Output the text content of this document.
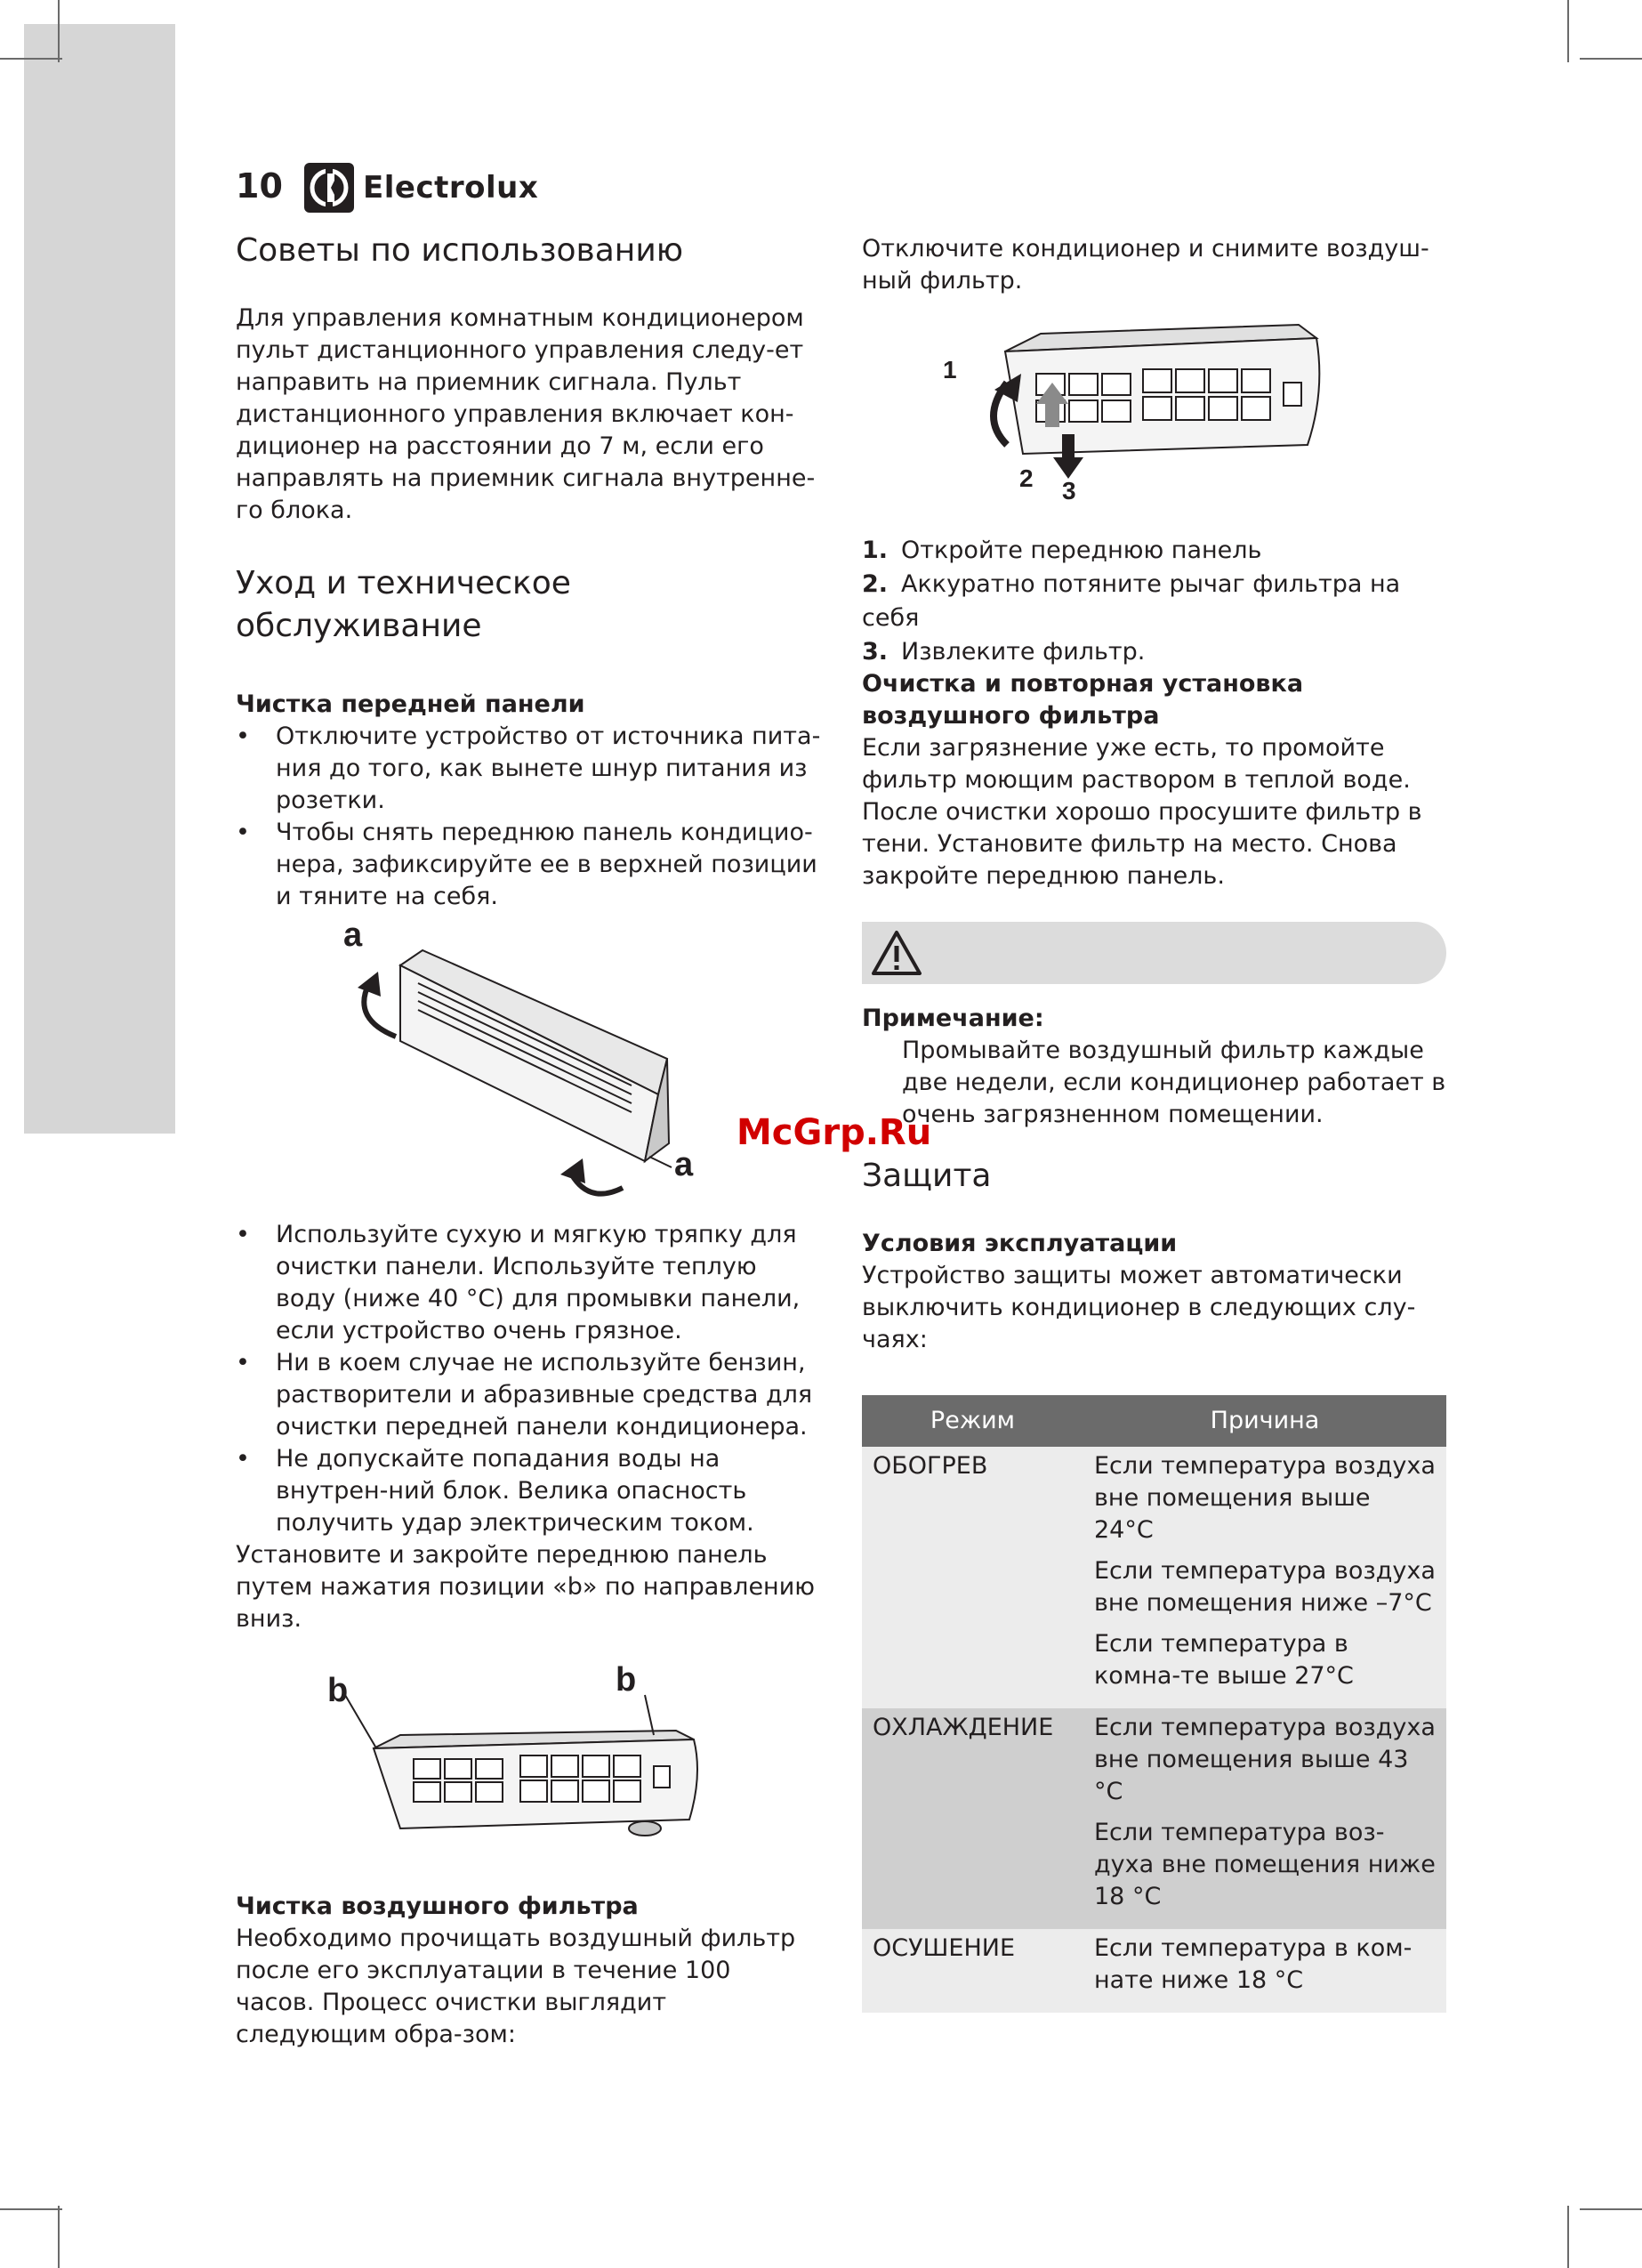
10	Electrolux
Советы по использованию
Для управления комнатным кондиционером пульт дистанционного управления следу-ет направить на приемник сигнала. Пульт дистанционного управления включает кон-диционер на расстоянии до 7 м, если его направлять на приемник сигнала внутренне-го блока.
Уход и техническое
обслуживание
Чистка передней панели
• Отключите устройство от источника пита-ния до того, как вынете шнур питания из розетки.
• Чтобы снять переднюю панель кондицио-нера, зафиксируйте ее в верхней позиции и тяните на себя.
a
a
• Используйте сухую и мягкую тряпку для очистки панели. Используйте теплую воду (ниже 40 °C) для промывки панели, если устройство очень грязное.
• Ни в коем случае не используйте бензин, растворители и абразивные средства для очистки передней панели кондиционера.
• Не допускайте попадания воды на внутрен-ний блок. Велика опасность получить удар электрическим током.
Установите и закройте переднюю панель путем нажатия позиции «b» по направлению вниз.
b	b
Чистка воздушного фильтра
Необходимо прочищать воздушный фильтр после его эксплуатации в течение 100 часов. Процесс очистки выглядит следующим обра-зом:
Отключите кондиционер и снимите воздуш-ный фильтр.
1
2 3
1. Откройте переднюю панель
2. Аккуратно потяните рычаг фильтра на себя
3. Извлеките фильтр.
Очистка и повторная установка
воздушного фильтра
Если загрязнение уже есть, то промойте фильтр моющим раствором в теплой воде. После очистки хорошо просушите фильтр в тени. Установите фильтр на место. Снова закройте переднюю панель.
Примечание:
Промывайте воздушный фильтр каждые две недели, если кондиционер работает в очень загрязненном помещении.
Защита
Условия эксплуатации
Устройство защиты может автоматически выключить кондиционер в следующих слу-чаях:
Режим	Причина
ОБОГРЕВ	Если температура воздуха вне помещения выше 24°C

Если температура воздуха вне помещения ниже –7°C

Если температура в комна-те выше 27°C

ОХЛАЖДЕНИЕ	Если температура воздуха вне помещения выше 43 °C

Если температура воз-духа вне помещения ниже 18 °C

ОСУШЕНИЕ	Если температура в ком-нате ниже 18 °C

McGrp.Ru
